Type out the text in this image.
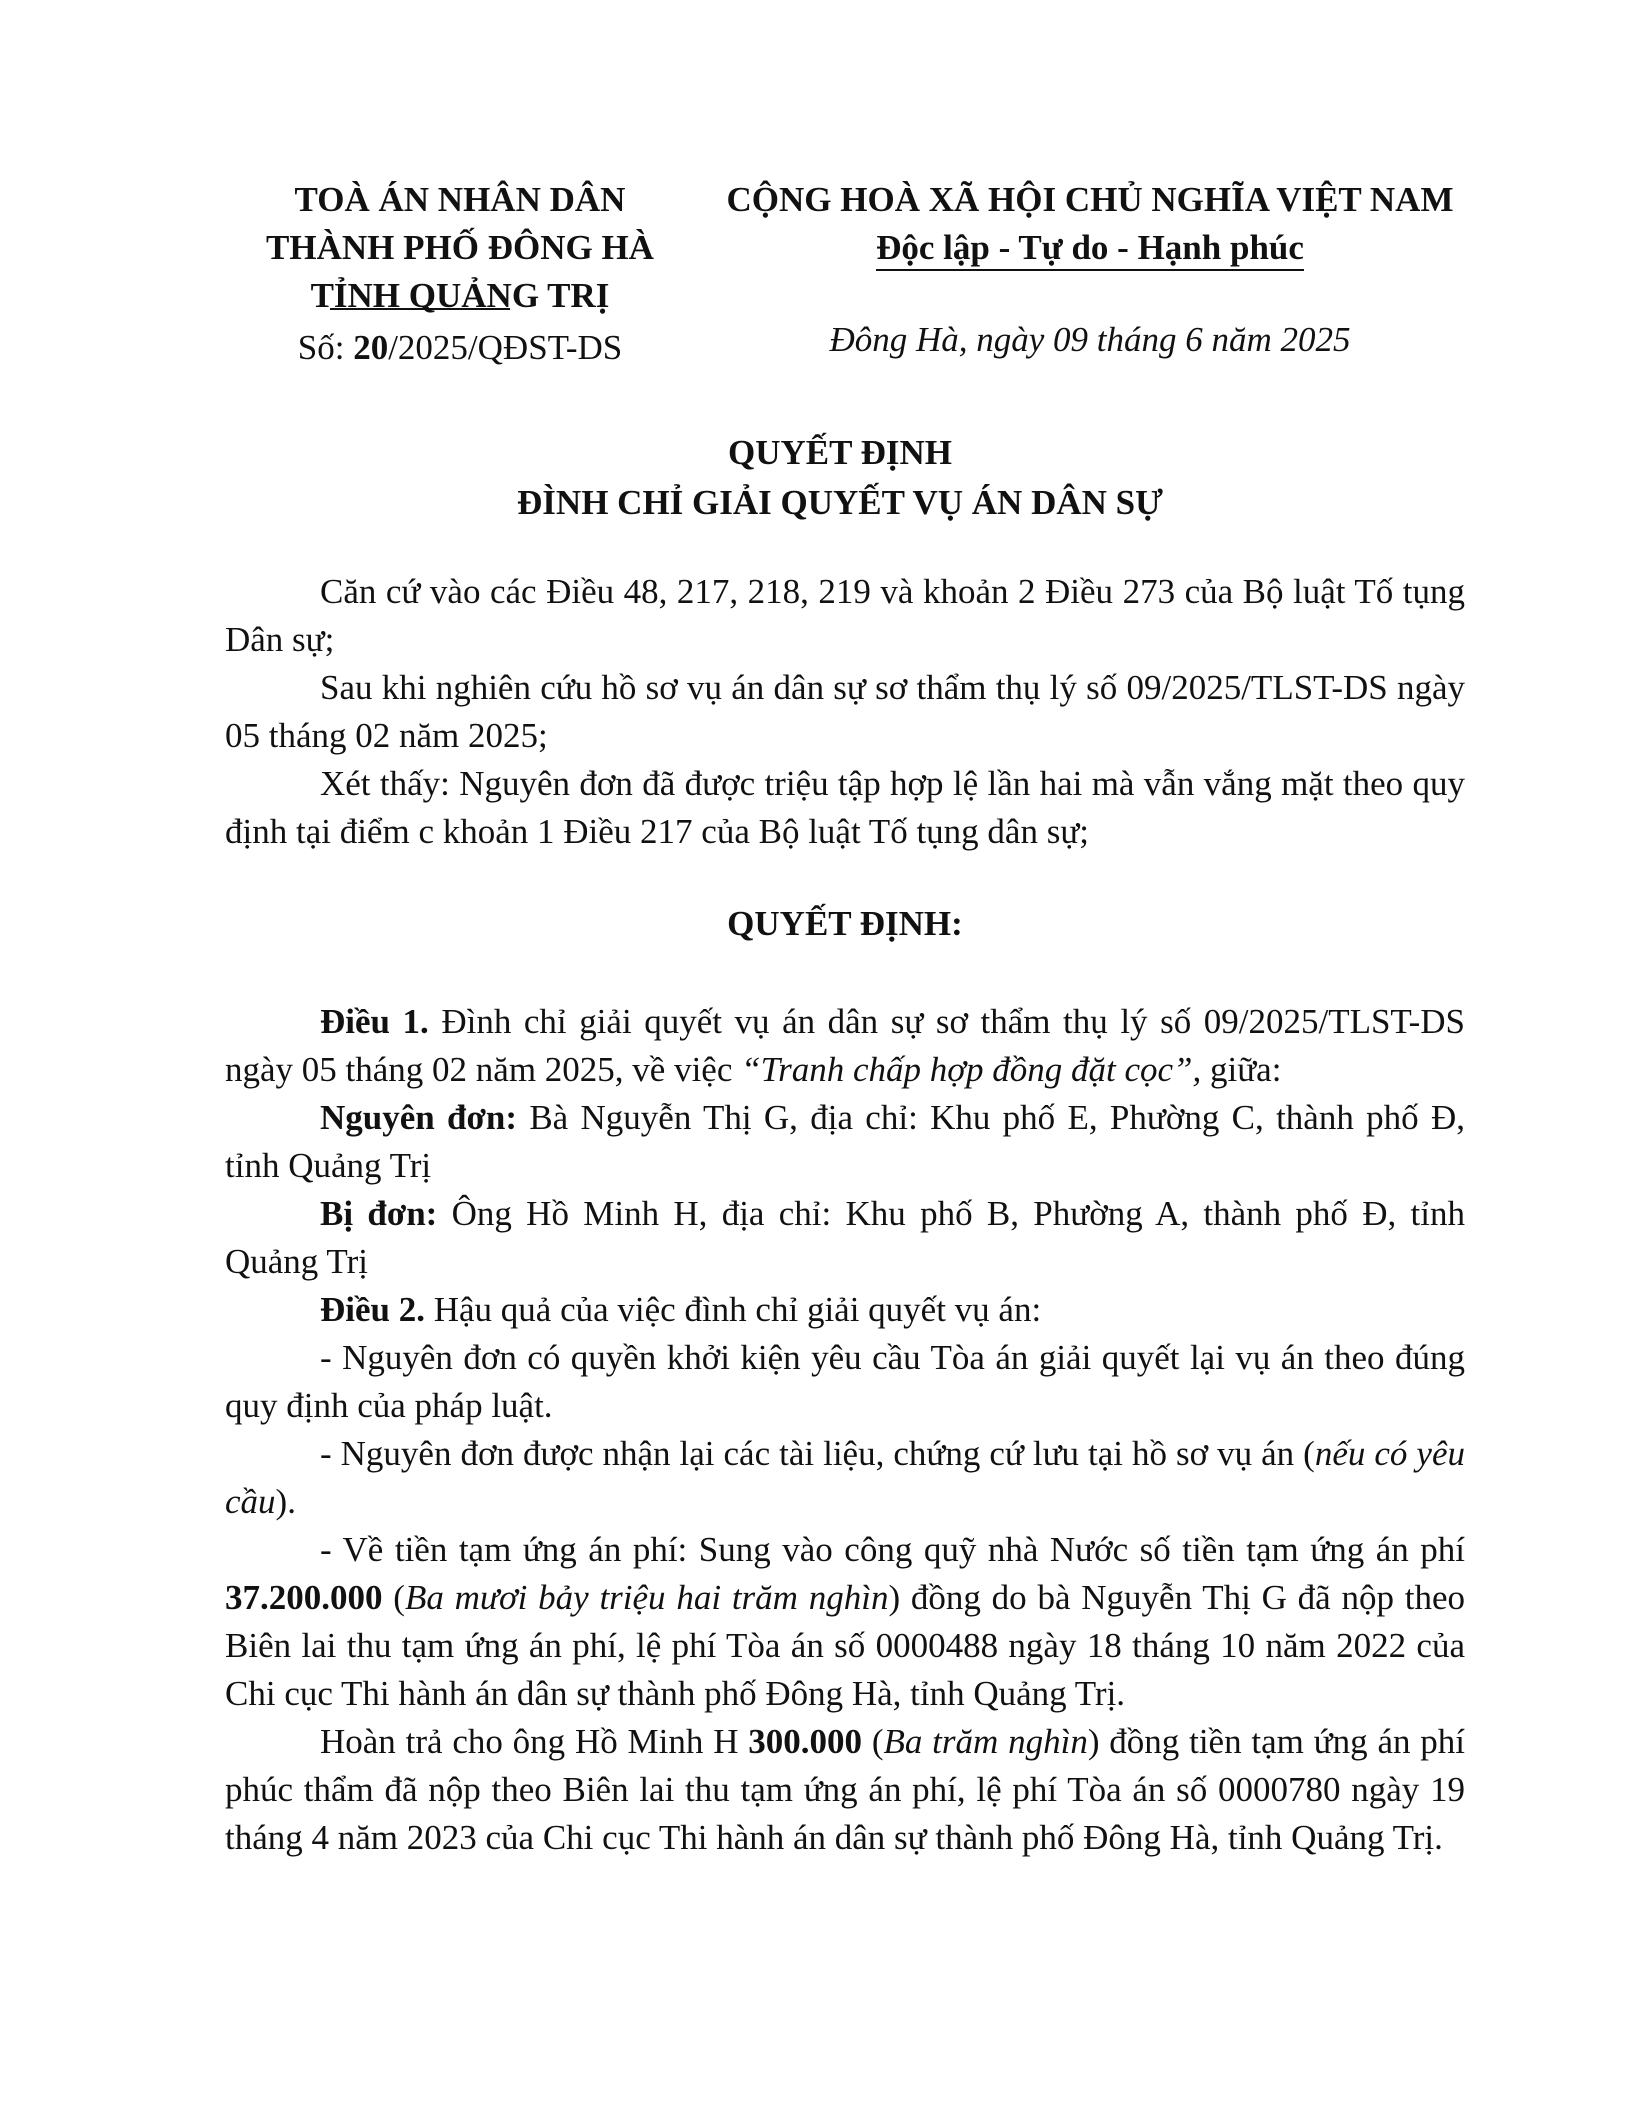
TOÀ ÁN NHÂN DÂN
THÀNH PHỐ ĐÔNG HÀ
TỈNH QUẢNG TRỊ
CỘNG HOÀ XÃ HỘI CHỦ NGHĨA VIỆT NAM
Độc lập - Tự do - Hạnh phúc
Số: 20/2025/QĐST-DS	Đông Hà, ngày 09 tháng 6 năm 2025
QUYẾT ĐỊNH
ĐÌNH CHỈ GIẢI QUYẾT VỤ ÁN DÂN SỰ

Căn cứ vào các Điều 48, 217, 218, 219 và khoản 2 Điều 273 của Bộ luật Tố tụng Dân sự;

Sau khi nghiên cứu hồ sơ vụ án dân sự sơ thẩm thụ lý số 09/2025/TLST-DS ngày 05 tháng 02 năm 2025;

Xét thấy: Nguyên đơn đã được triệu tập hợp lệ lần hai mà vẫn vắng mặt theo quy định tại điểm c khoản 1 Điều 217 của Bộ luật Tố tụng dân sự;

QUYẾT ĐỊNH:

Điều 1. Đình chỉ giải quyết vụ án dân sự sơ thẩm thụ lý số 09/2025/TLST-DS ngày 05 tháng 02 năm 2025, về việc “Tranh chấp hợp đồng đặt cọc”, giữa:

Nguyên đơn: Bà Nguyễn Thị G, địa chỉ: Khu phố E, Phường C, thành phố Đ, tỉnh Quảng Trị

Bị đơn: Ông Hồ Minh H, địa chỉ: Khu phố B, Phường A, thành phố Đ, tỉnh Quảng Trị

Điều 2. Hậu quả của việc đình chỉ giải quyết vụ án:

- Nguyên đơn có quyền khởi kiện yêu cầu Tòa án giải quyết lại vụ án theo đúng quy định của pháp luật.

- Nguyên đơn được nhận lại các tài liệu, chứng cứ lưu tại hồ sơ vụ án (nếu có yêu cầu).

- Về tiền tạm ứng án phí: Sung vào công quỹ nhà Nước số tiền tạm ứng án phí 37.200.000 (Ba mươi bảy triệu hai trăm nghìn) đồng do bà Nguyễn Thị G đã nộp theo Biên lai thu tạm ứng án phí, lệ phí Tòa án số 0000488 ngày 18 tháng 10 năm 2022 của Chi cục Thi hành án dân sự thành phố Đông Hà, tỉnh Quảng Trị.

Hoàn trả cho ông Hồ Minh H 300.000 (Ba trăm nghìn) đồng tiền tạm ứng án phí phúc thẩm đã nộp theo Biên lai thu tạm ứng án phí, lệ phí Tòa án số 0000780 ngày 19 tháng 4 năm 2023 của Chi cục Thi hành án dân sự thành phố Đông Hà, tỉnh Quảng Trị.
